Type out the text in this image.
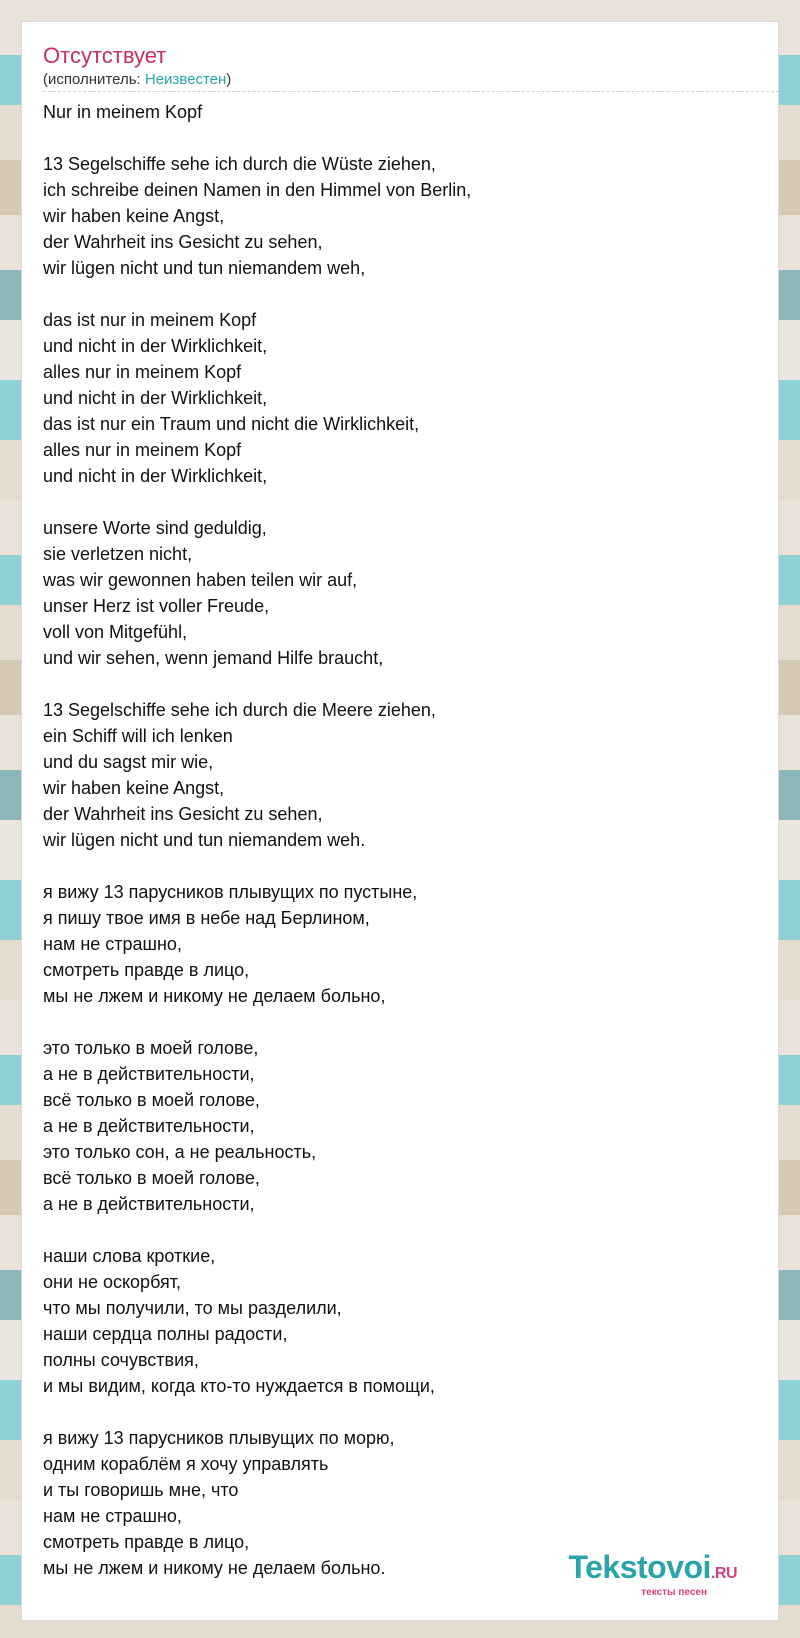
Отсутствует
(исполнитель: Неизвестен)
Nur in meinem Kopf
13 Segelschiffe sehe ich durch die Wüste ziehen,
ich schreibe deinen Namen in den Himmel von Berlin,
wir haben keine Angst,
der Wahrheit ins Gesicht zu sehen,
wir lügen nicht und tun niemandem weh,
das ist nur in meinem Kopf
und nicht in der Wirklichkeit,
alles nur in meinem Kopf
und nicht in der Wirklichkeit,
das ist nur ein Traum und nicht die Wirklichkeit,
alles nur in meinem Kopf
und nicht in der Wirklichkeit,
unsere Worte sind geduldig,
sie verletzen nicht,
was wir gewonnen haben teilen wir auf,
unser Herz ist voller Freude,
voll von Mitgefühl,
und wir sehen, wenn jemand Hilfe braucht,
13 Segelschiffe sehe ich durch die Meere ziehen,
ein Schiff will ich lenken
und du sagst mir wie,
wir haben keine Angst,
der Wahrheit ins Gesicht zu sehen,
wir lügen nicht und tun niemandem weh.
я вижу 13 парусников плывущих по пустыне,
я пишу твое имя в небе над Берлином,
нам не страшно,
смотреть правде в лицо,
мы не лжем и никому не делаем больно,
это только в моей голове,
а не в действительности,
всё только в моей голове,
а не в действительности,
это только сон, а не реальность,
всё только в моей голове,
а не в действительности,
наши слова кроткие,
они не оскорбят,
что мы получили, то мы разделили,
наши сердца полны радости,
полны сочувствия,
и мы видим, когда кто-то нуждается в помощи,
я вижу 13 парусников плывущих по морю,
одним кораблём я хочу управлять
и ты говоришь мне, что
нам не страшно,
смотреть правде в лицо,
мы не лжем и никому не делаем больно.	Tekstovoi.RU
тексты песен
